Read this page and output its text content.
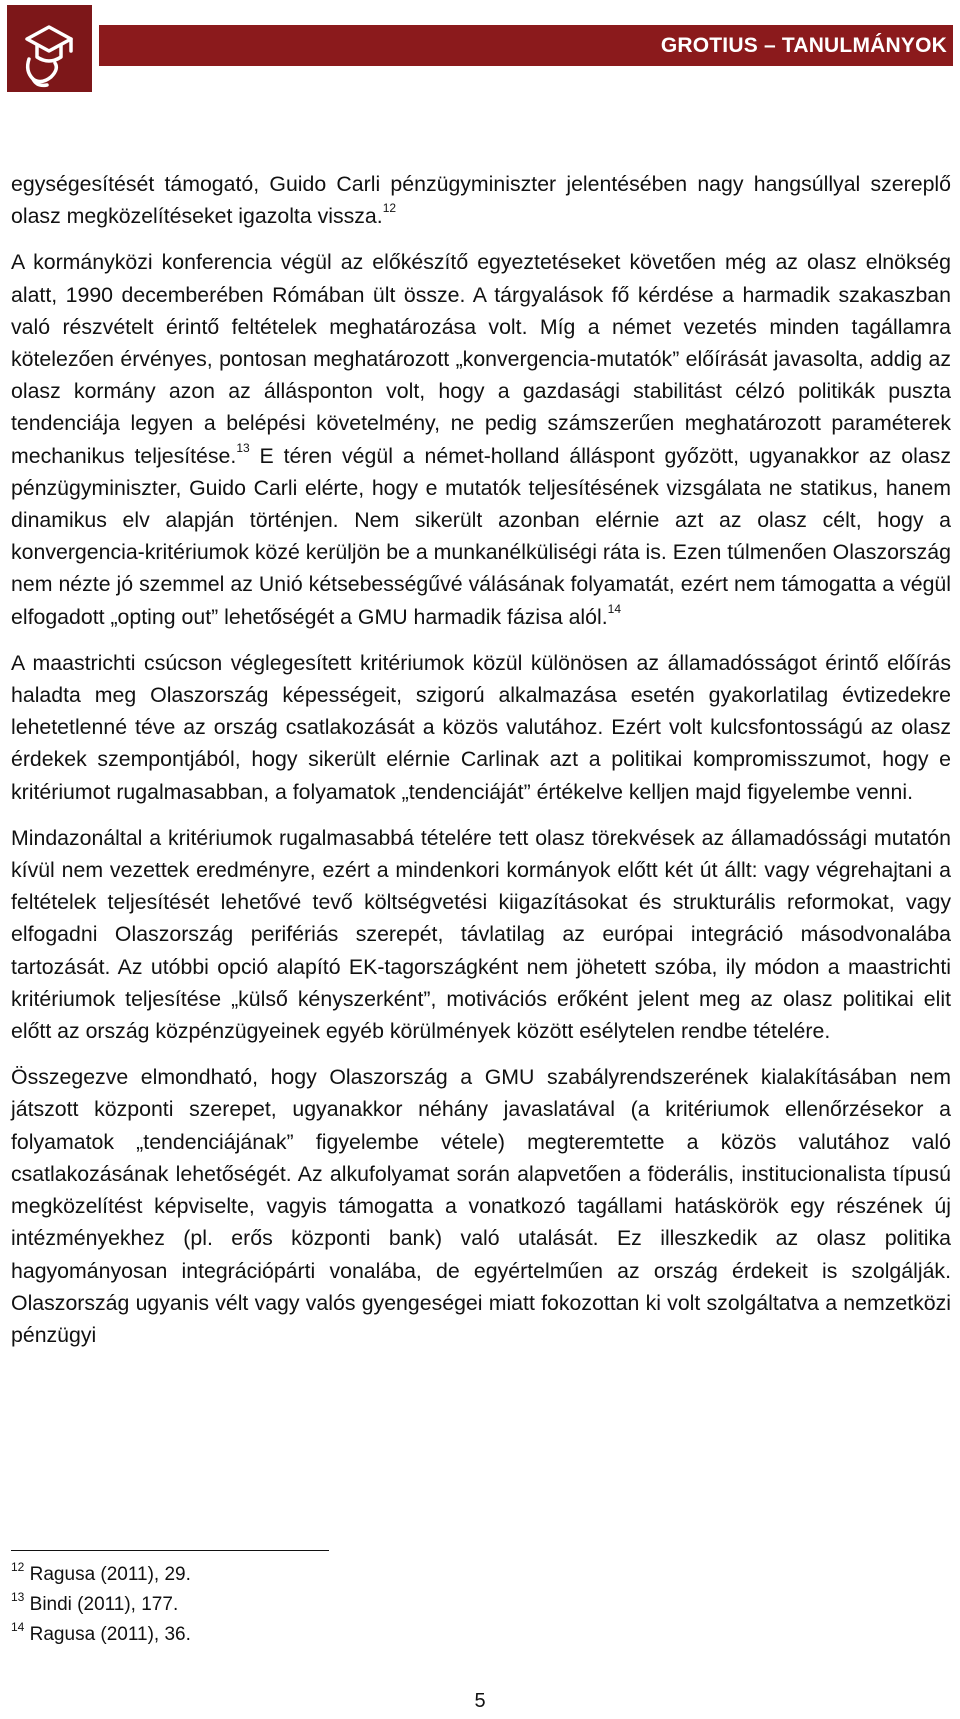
GROTIUS – TANULMÁNYOK

egységesítését támogató, Guido Carli pénzügyminiszter jelentésében nagy hangsúllyal szereplő olasz megközelítéseket igazolta vissza.$^{12}$

A kormányközi konferencia végül az előkészítő egyeztetéseket követően még az olasz elnökség alatt, 1990 decemberében Rómában ült össze. A tárgyalások fő kérdése a harmadik szakaszban való részvételt érintő feltételek meghatározása volt. Míg a német vezetés minden tagállamra kötelezően érvényes, pontosan meghatározott „konvergencia-mutatók” előírását javasolta, addig az olasz kormány azon az állásponton volt, hogy a gazdasági stabilitást célzó politikák puszta tendenciája legyen a belépési követelmény, ne pedig számszerűen meghatározott paraméterek mechanikus teljesítése.$^{13}$ E téren végül a német-holland álláspont győzött, ugyanakkor az olasz pénzügyminiszter, Guido Carli elérte, hogy e mutatók teljesítésének vizsgálata ne statikus, hanem dinamikus elv alapján történjen. Nem sikerült azonban elérnie azt az olasz célt, hogy a konvergencia-kritériumok közé kerüljön be a munkanélküliségi ráta is. Ezen túlmenően Olaszország nem nézte jó szemmel az Unió kétsebességűvé válásának folyamatát, ezért nem támogatta a végül elfogadott „opting out” lehetőségét a GMU harmadik fázisa alól.$^{14}$

A maastrichti csúcson véglegesített kritériumok közül különösen az államadósságot érintő előírás haladta meg Olaszország képességeit, szigorú alkalmazása esetén gyakorlatilag évtizedekre lehetetlenné téve az ország csatlakozását a közös valutához. Ezért volt kulcsfontosságú az olasz érdekek szempontjából, hogy sikerült elérnie Carlinak azt a politikai kompromisszumot, hogy e kritériumot rugalmasabban, a folyamatok „tendenciáját” értékelve kelljen majd figyelembe venni.

Mindazonáltal a kritériumok rugalmasabbá tételére tett olasz törekvések az államadóssági mutatón kívül nem vezettek eredményre, ezért a mindenkori kormányok előtt két út állt: vagy végrehajtani a feltételek teljesítését lehetővé tevő költségvetési kiigazításokat és strukturális reformokat, vagy elfogadni Olaszország perifériás szerepét, távlatilag az európai integráció másodvonalába tartozását. Az utóbbi opció alapító EK-tagországként nem jöhetett szóba, ily módon a maastrichti kritériumok teljesítése „külső kényszerként”, motivációs erőként jelent meg az olasz politikai elit előtt az ország közpénzügyeinek egyéb körülmények között esélytelen rendbe tételére.

Összegezve elmondható, hogy Olaszország a GMU szabályrendszerének kialakításában nem játszott központi szerepet, ugyanakkor néhány javaslatával (a kritériumok ellenőrzésekor a folyamatok „tendenciájának” figyelembe vétele) megteremtette a közös valutához való csatlakozásának lehetőségét. Az alkufolyamat során alapvetően a föderális, institucionalista típusú megközelítést képviselte, vagyis támogatta a vonatkozó tagállami hatáskörök egy részének új intézményekhez (pl. erős központi bank) való utalását. Ez illeszkedik az olasz politika hagyományosan integrációpárti vonalába, de egyértelműen az ország érdekeit is szolgálják. Olaszország ugyanis vélt vagy valós gyengeségei miatt fokozottan ki volt szolgáltatva a nemzetközi pénzügyi

$^{12}$ Ragusa (2011), 29.
$^{13}$ Bindi (2011), 177.
$^{14}$ Ragusa (2011), 36.
5
